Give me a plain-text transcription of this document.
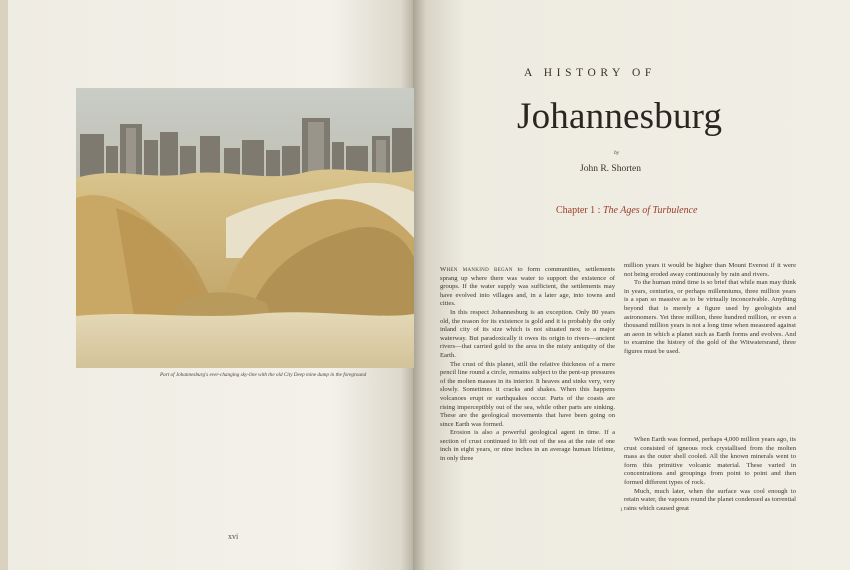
Part of Johannesburg's ever-changing sky-line with the old City Deep mine dump in the foreground
xvi
A HISTORY OF
Johannesburg
by
John R. Shorten
Chapter 1 : The Ages of Turbulence

When mankind began to form communities, settlements sprang up where there was water to support the existence of groups. If the water supply was sufficient, the settlements may have evolved into villages and, in a later age, into towns and cities.

In this respect Johannesburg is an exception. Only 80 years old, the reason for its existence is gold and it is probably the only inland city of its size which is not situated next to a major waterway. But paradoxically it owes its origin to rivers—ancient rivers—that carried gold to the area in the misty antiquity of the Earth.

The crust of this planet, still the relative thickness of a mere pencil line round a circle, remains subject to the pent-up pressures of the molten masses in its interior. It heaves and sinks very, very slowly. Sometimes it cracks and shakes. When this happens volcanoes erupt or earthquakes occur. Parts of the coasts are rising imperceptibly out of the sea, while other parts are sinking. These are the geological movements that have been going on since Earth was formed.

Erosion is also a powerful geological agent in time. If a section of crust continued to lift out of the sea at the rate of one inch in eight years, or nine inches in an average human lifetime, in only three

million years it would be higher than Mount Everest if it were not being eroded away continuously by rain and rivers.

To the human mind time is so brief that while man may think in years, centuries, or perhaps millenniums, three million years is a span so massive as to be virtually inconceivable. Anything beyond that is merely a figure used by geologists and astronomers. Yet three million, three hundred million, or even a thousand million years is not a long time when measured against an aeon in which a planet such as Earth forms and evolves. And to examine the history of the gold of the Witwatersrand, three figures must be used.

When Earth was formed, perhaps 4,000 million years ago, its crust consisted of igneous rock crystallised from the molten mass as the outer shell cooled. All the known minerals went to form this primitive volcanic material. These varied in concentrations and groupings from point to point and then formed different types of rock.

Much, much later, when the surface was cool enough to retain water, the vapours round the planet condensed as torrential rains which caused great

1
